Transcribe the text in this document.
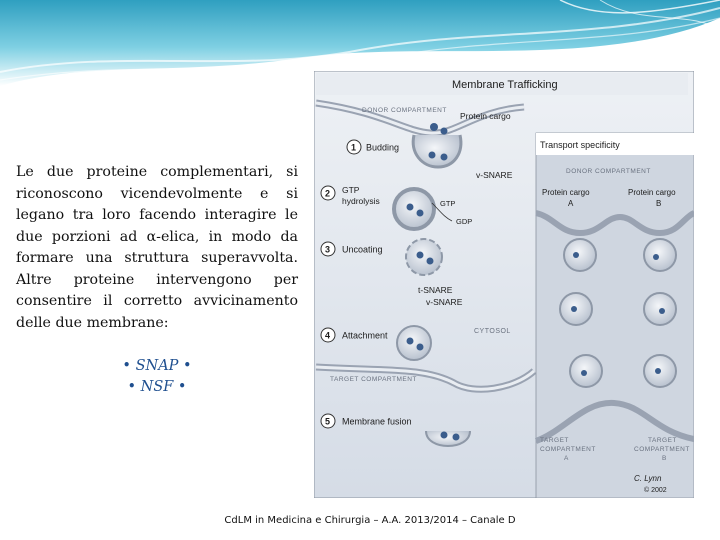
Le due proteine complementari, si riconoscono vicendevolmente e si legano tra loro facendo interagire le due porzioni ad α-elica, in modo da formare una struttura superavvolta. Altre proteine intervengono per consentire il corretto avvicinamento delle due membrane:
• SNAP •
• NSF •
Membrane Trafficking
DONOR COMPARTMENT
Protein cargo
1 Budding
v-SNARE
2 GTP
hydrolysis	GTP
GDP
3 Uncoating
t-SNARE
v-SNARE
4 Attachment	CYTOSOL
TARGET COMPARTMENT
5 Membrane fusion
Transport specificity
DONOR COMPARTMENT
Protein cargo
A
Protein cargo
B
TARGET
COMPARTMENT
A
TARGET
COMPARTMENT
B
C. Lynn
© 2002
CdLM in Medicina e Chirurgia – A.A. 2013/2014 – Canale D
